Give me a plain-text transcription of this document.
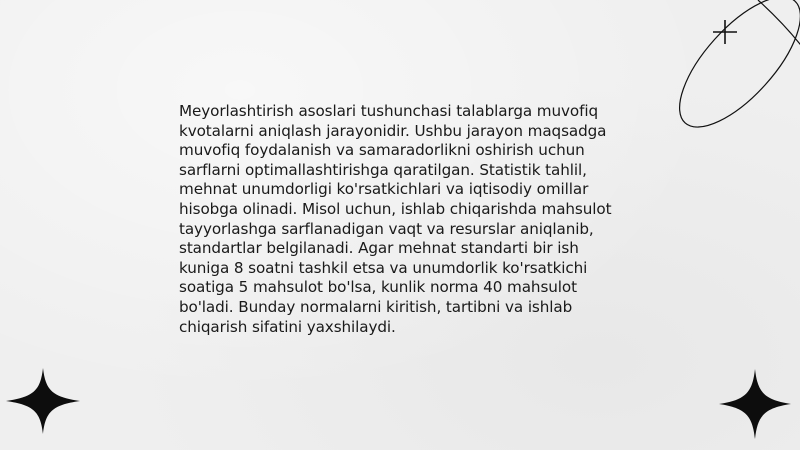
Meyorlashtirish asoslari tushunchasi talablarga muvofiq kvotalarni aniqlash jarayonidir. Ushbu jarayon maqsadga muvofiq foydalanish va samaradorlikni oshirish uchun sarflarni optimallashtirishga qaratilgan. Statistik tahlil, mehnat unumdorligi ko'rsatkichlari va iqtisodiy omillar hisobga olinadi. Misol uchun, ishlab chiqarishda mahsulot tayyorlashga sarflanadigan vaqt va resurslar aniqlanib, standartlar belgilanadi. Agar mehnat standarti bir ish kuniga 8 soatni tashkil etsa va unumdorlik ko'rsatkichi soatiga 5 mahsulot bo'lsa, kunlik norma 40 mahsulot bo'ladi. Bunday normalarni kiritish, tartibni va ishlab chiqarish sifatini yaxshilaydi.
